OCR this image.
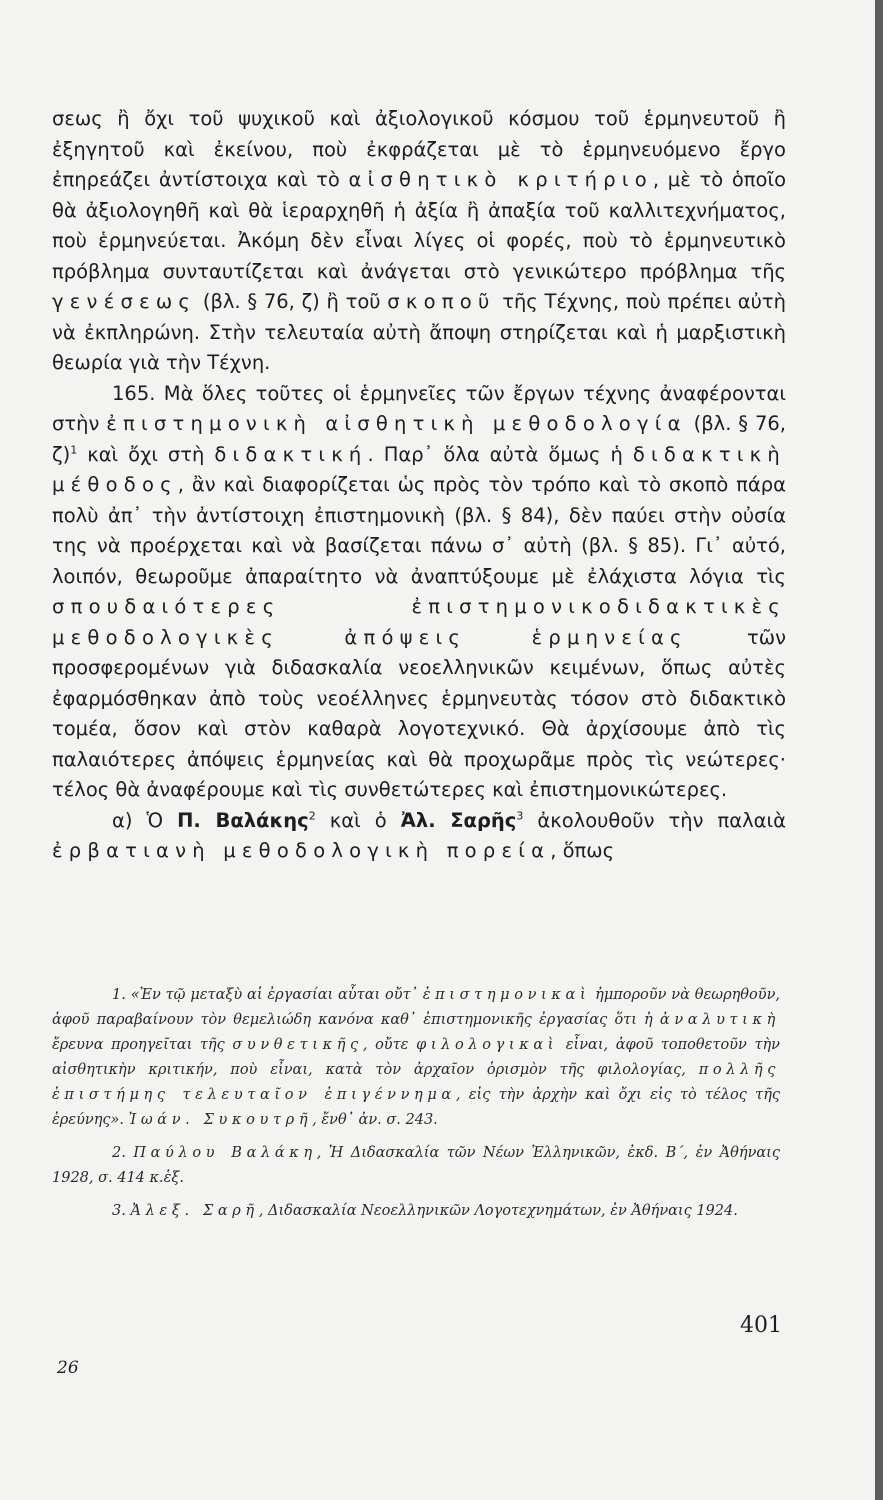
σεως ἢ ὄχι τοῦ ψυχικοῦ καὶ ἀξιολογικοῦ κόσμου τοῦ ἑρμηνευτοῦ ἢ ἐξηγητοῦ καὶ ἐκείνου, ποὺ ἐκφράζεται μὲ τὸ ἑρμηνευόμενο ἔργο ἐπηρεάζει ἀντίστοιχα καὶ τὸ αἰσθητικὸ κριτήριο, μὲ τὸ ὁποῖο θὰ ἀξιολογηθῆ καὶ θὰ ἱεραρχηθῆ ἡ ἀξία ἢ ἀπαξία τοῦ καλλιτεχνήματος, ποὺ ἑρμηνεύεται. Ἀκόμη δὲν εἶναι λίγες οἱ φορές, ποὺ τὸ ἑρμηνευτικὸ πρόβλημα συνταυτίζεται καὶ ἀνάγεται στὸ γενικώτερο πρόβλημα τῆς γενέσεως (βλ. § 76, ζ) ἢ τοῦ σκοποῦ τῆς Τέχνης, ποὺ πρέπει αὐτὴ νὰ ἐκπληρώνη. Στὴν τελευταία αὐτὴ ἄποψη στηρίζεται καὶ ἡ μαρξιστικὴ θεωρία γιὰ τὴν Τέχνη.

165. Μὰ ὅλες τοῦτες οἱ ἑρμηνεῖες τῶν ἔργων τέχνης ἀναφέρονται στὴν ἐπιστημονικὴ αἰσθητικὴ μεθοδολογία (βλ. § 76, ζ)$^1$ καὶ ὄχι στὴ διδακτική. Παρ᾿ ὅλα αὐτὰ ὅμως ἡ διδακτικὴ μέθοδος, ἂν καὶ διαφορίζεται ὡς πρὸς τὸν τρόπο καὶ τὸ σκοπὸ πάρα πολὺ ἀπ᾿ τὴν ἀντίστοιχη ἐπιστημονικὴ (βλ. § 84), δὲν παύει στὴν οὐσία της νὰ προέρχεται καὶ νὰ βασίζεται πάνω σ᾿ αὐτὴ (βλ. § 85). Γι᾿ αὐτό, λοιπόν, θεωροῦμε ἀπαραίτητο νὰ ἀναπτύξουμε μὲ ἐλάχιστα λόγια τὶς σπουδαιότερες ἐπιστημονικοδιδακτικὲς μεθοδολογικὲς ἀπόψεις ἑρμηνείας τῶν προσφερομένων γιὰ διδασκαλία νεοελληνικῶν κειμένων, ὅπως αὐτὲς ἐφαρμόσθηκαν ἀπὸ τοὺς νεοέλληνες ἑρμηνευτὰς τόσον στὸ διδακτικὸ τομέα, ὅσον καὶ στὸν καθαρὰ λογοτεχνικό. Θὰ ἀρχίσουμε ἀπὸ τὶς παλαιότερες ἀπόψεις ἑρμηνείας καὶ θὰ προχωρᾶμε πρὸς τὶς νεώτερες· τέλος θὰ ἀναφέρουμε καὶ τὶς συνθετώτερες καὶ ἐπιστημονικώτερες.

α) Ὁ Π. Βαλάκης$^2$ καὶ ὁ Ἀλ. Σαρῆς$^3$ ἀκολουθοῦν τὴν παλαιὰ ἐρβατιανὴ μεθοδολογικὴ πορεία, ὅπως

1. «Ἐν τῷ μεταξὺ αἱ ἐργασίαι αὗται οὔτ᾿ ἐπιστημονικαὶ ἠμποροῦν νὰ θεωρηθοῦν, ἀφοῦ παραβαίνουν τὸν θεμελιώδη κανόνα καθ᾿ ἐπιστημονικῆς ἐργασίας ὅτι ἡ ἀναλυτικὴ ἔρευνα προηγεῖται τῆς συνθετικῆς, οὔτε φιλολογικαὶ εἶναι, ἀφοῦ τοποθετοῦν τὴν αἰσθητικὴν κριτικήν, ποὺ εἶναι, κατὰ τὸν ἀρχαῖον ὁρισμὸν τῆς φιλολογίας, πολλῆς ἐπιστήμης τελευταῖον ἐπιγέννημα, εἰς τὴν ἀρχὴν καὶ ὄχι εἰς τὸ τέλος τῆς ἐρεύνης». Ἰωάν. Συκουτρῆ, ἔνθ᾿ ἀν. σ. 243.

2. Παύλου Βαλάκη, Ἡ Διδασκαλία τῶν Νέων Ἑλληνικῶν, ἐκδ. Β΄, ἐν Ἀθήναις 1928, σ. 414 κ.ἑξ.

3. Ἀλεξ. Σαρῆ, Διδασκαλία Νεοελληνικῶν Λογοτεχνημάτων, ἐν Ἀθήναις 1924.

401
26
